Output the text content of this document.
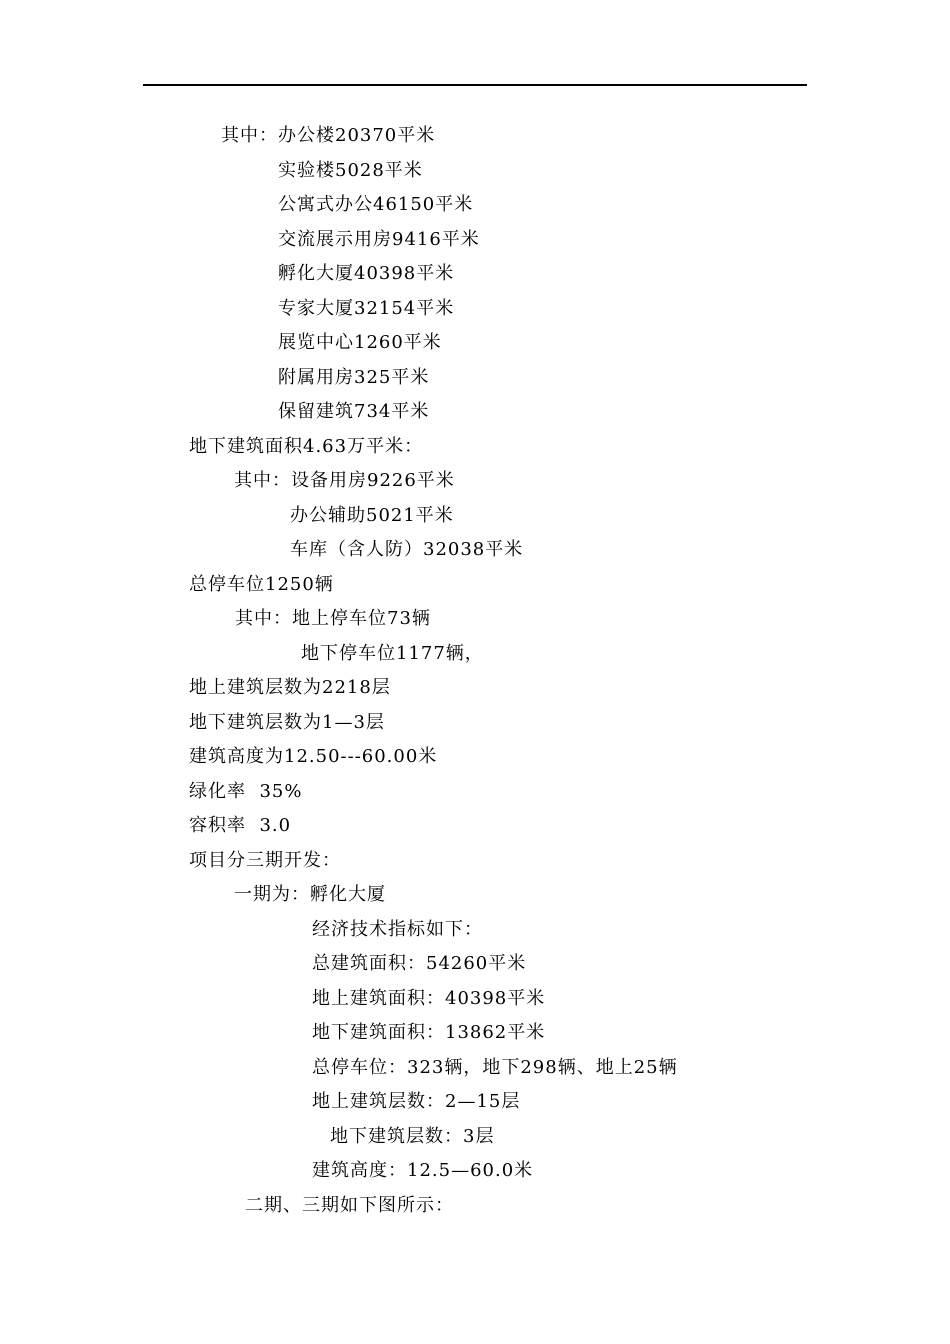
其中：办公楼20370平米
实验楼5028平米
公寓式办公46150平米
交流展示用房9416平米
孵化大厦40398平米
专家大厦32154平米
展览中心1260平米
附属用房325平米
保留建筑734平米
地下建筑面积4.63万平米：
其中：设备用房9226平米
办公辅助5021平米
车库（含人防）32038平米
总停车位1250辆
其中：地上停车位73辆
地下停车位1177辆，
地上建筑层数为2218层
地下建筑层数为1—3层
建筑高度为12.50---60.00米
绿化率  35%
容积率  3.0
项目分三期开发：
一期为：孵化大厦
经济技术指标如下：
总建筑面积：54260平米
地上建筑面积：40398平米
地下建筑面积：13862平米
总停车位：323辆，地下298辆、地上25辆
地上建筑层数：2—15层
地下建筑层数：3层
建筑高度：12.5—60.0米
二期、三期如下图所示：
